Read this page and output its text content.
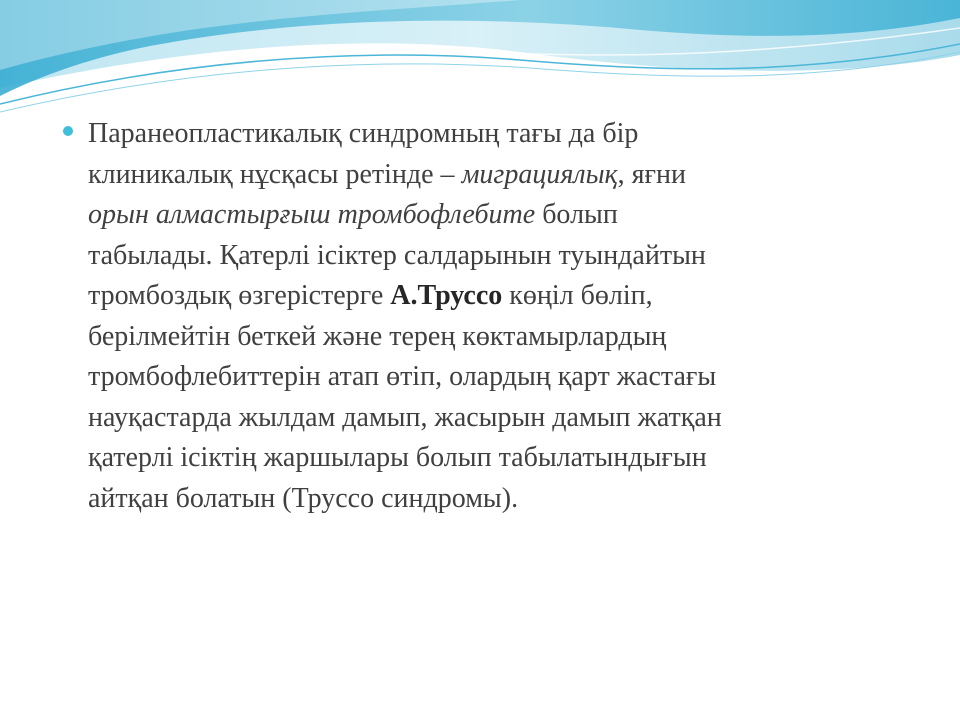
Паранеопластикалық синдромның тағы да бір
клиникалық нұсқасы ретінде – миграциялық, яғни
орын алмастырғыш тромбофлебите болып
табылады. Қатерлі ісіктер салдарынын туындайтын
тромбоздық өзгерістерге А.Труссо көңіл бөліп,
берілмейтін беткей және терең көктамырлардың
тромбофлебиттерін атап өтіп, олардың қарт жастағы
науқастарда жылдам дамып, жасырын дамып жатқан
қатерлі ісіктің жаршылары болып табылатындығын
айтқан болатын (Труссо синдромы).
